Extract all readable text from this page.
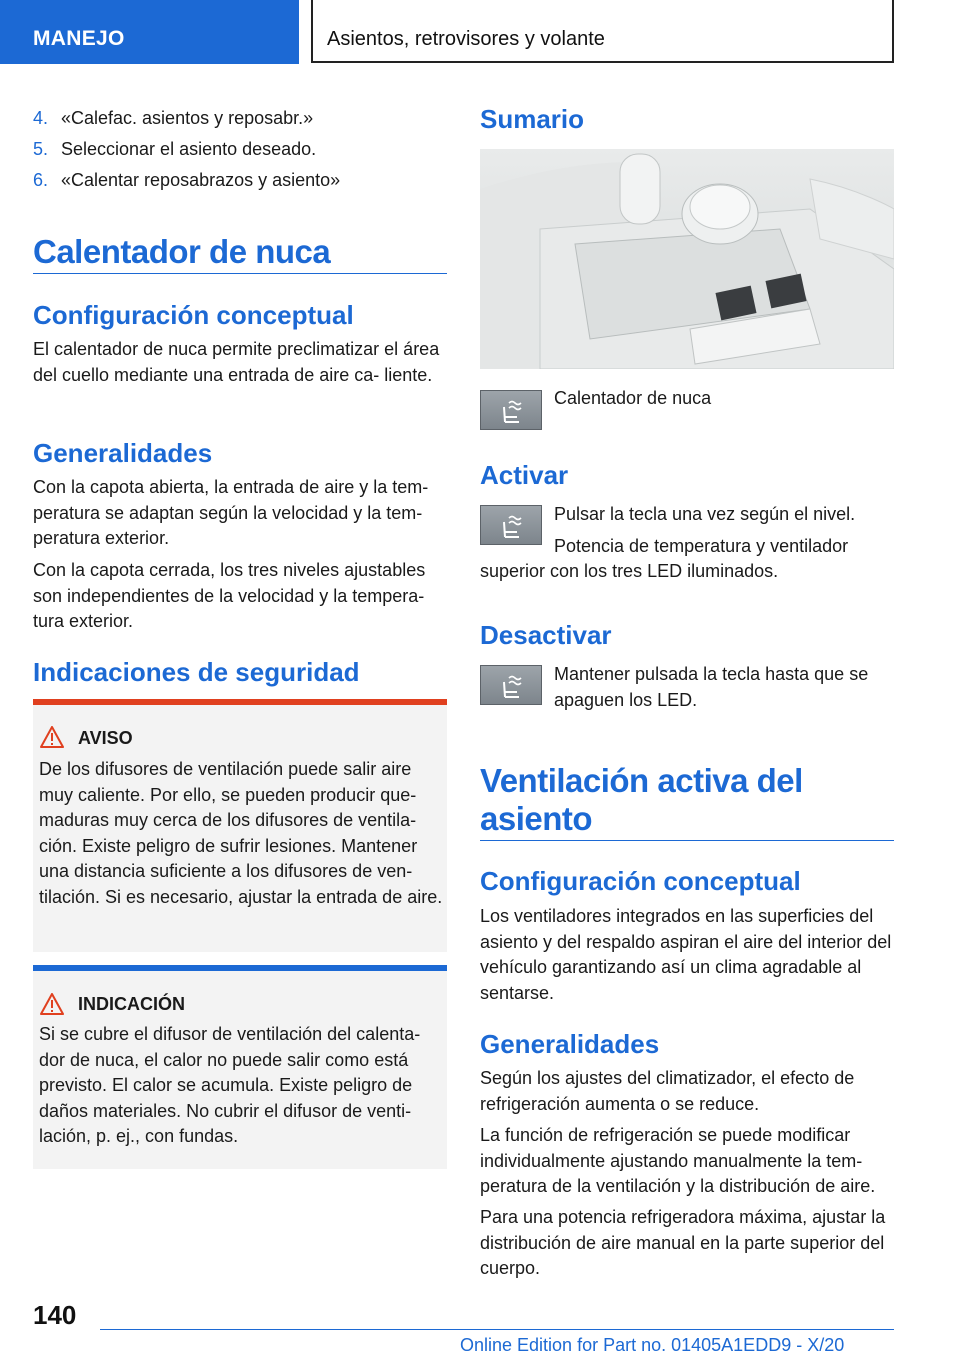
MANEJO	Asientos, retrovisores y volante
4. «Calefac. asientos y reposabr.»
5. Seleccionar el asiento deseado.
6. «Calentar reposabrazos y asiento»
Calentador de nuca
Configuración conceptual
El calentador de nuca permite preclimatizar el área del cuello mediante una entrada de aire ca- liente.
Generalidades
Con la capota abierta, la entrada de aire y la tem- peratura se adaptan según la velocidad y la tem- peratura exterior.
Con la capota cerrada, los tres niveles ajustables son independientes de la velocidad y la tempera- tura exterior.
Indicaciones de seguridad
AVISO
De los difusores de ventilación puede salir aire muy caliente. Por ello, se pueden producir que- maduras muy cerca de los difusores de ventila- ción. Existe peligro de sufrir lesiones. Mantener una distancia suficiente a los difusores de ven- tilación. Si es necesario, ajustar la entrada de aire.
INDICACIÓN
Si se cubre el difusor de ventilación del calenta- dor de nuca, el calor no puede salir como está previsto. El calor se acumula. Existe peligro de daños materiales. No cubrir el difusor de venti- lación, p. ej., con fundas.
Sumario
Calentador de nuca
Activar
Pulsar la tecla una vez según el nivel.
Potencia de temperatura y ventilador
superior con los tres LED iluminados.
Desactivar
Mantener pulsada la tecla hasta que se apaguen los LED.
Ventilación activa del asiento
Configuración conceptual
Los ventiladores integrados en las superficies del asiento y del respaldo aspiran el aire del interior del vehículo garantizando así un clima agradable al sentarse.
Generalidades
Según los ajustes del climatizador, el efecto de refrigeración aumenta o se reduce.
La función de refrigeración se puede modificar individualmente ajustando manualmente la tem- peratura de la ventilación y la distribución de aire.
Para una potencia refrigeradora máxima, ajustar la distribución de aire manual en la parte superior del cuerpo.
140
Online Edition for Part no. 01405A1EDD9 - X/20
